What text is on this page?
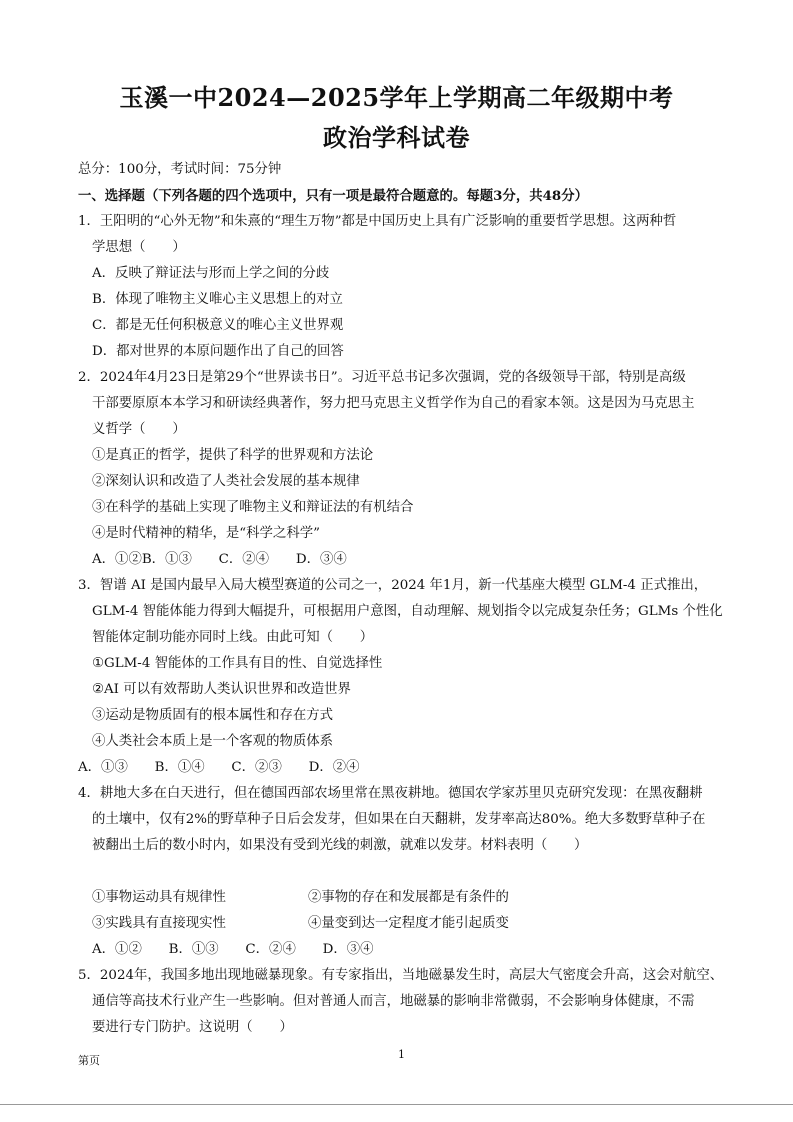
玉溪一中2024—2025学年上学期高二年级期中考
政治学科试卷
总分：100分，考试时间：75分钟
一、选择题（下列各题的四个选项中，只有一项是最符合题意的。每题3分，共48分）
1．王阳明的“心外无物”和朱熹的“理生万物”都是中国历史上具有广泛影响的重要哲学思想。这两种哲
学思想（　　）
A．反映了辩证法与形而上学之间的分歧
B．体现了唯物主义唯心主义思想上的对立
C．都是无任何积极意义的唯心主义世界观
D．都对世界的本原问题作出了自己的回答
2．2024年4月23日是第29个“世界读书日”。习近平总书记多次强调，党的各级领导干部，特别是高级
干部要原原本本学习和研读经典著作，努力把马克思主义哲学作为自己的看家本领。这是因为马克思主
义哲学（　　）
①是真正的哲学，提供了科学的世界观和方法论
②深刻认识和改造了人类社会发展的基本规律
③在科学的基础上实现了唯物主义和辩证法的有机结合
④是时代精神的精华，是“科学之科学”
A．①②B．①③　　C．②④　　D．③④
3．智谱 AI 是国内最早入局大模型赛道的公司之一，2024 年1月，新一代基座大模型 GLM-4 正式推出，
GLM-4 智能体能力得到大幅提升，可根据用户意图，自动理解、规划指令以完成复杂任务；GLMs 个性化
智能体定制功能亦同时上线。由此可知（　　）
①GLM-4 智能体的工作具有目的性、自觉选择性
②AI 可以有效帮助人类认识世界和改造世界
③运动是物质固有的根本属性和存在方式
④人类社会本质上是一个客观的物质体系
A．①③　　B．①④　　C．②③　　D．②④
4．耕地大多在白天进行，但在德国西部农场里常在黑夜耕地。德国农学家苏里贝克研究发现：在黑夜翻耕
的土壤中，仅有2%的野草种子日后会发芽，但如果在白天翻耕，发芽率高达80%。绝大多数野草种子在
被翻出土后的数小时内，如果没有受到光线的刺激，就难以发芽。材料表明（　　）
①事物运动具有规律性	②事物的存在和发展都是有条件的
③实践具有直接现实性	④量变到达一定程度才能引起质变
A．①②　　B．①③　　C．②④　　D．③④
5．2024年，我国多地出现地磁暴现象。有专家指出，当地磁暴发生时，高层大气密度会升高，这会对航空、
通信等高技术行业产生一些影响。但对普通人而言，地磁暴的影响非常微弱，不会影响身体健康，不需
要进行专门防护。这说明（　　）
第页	1
